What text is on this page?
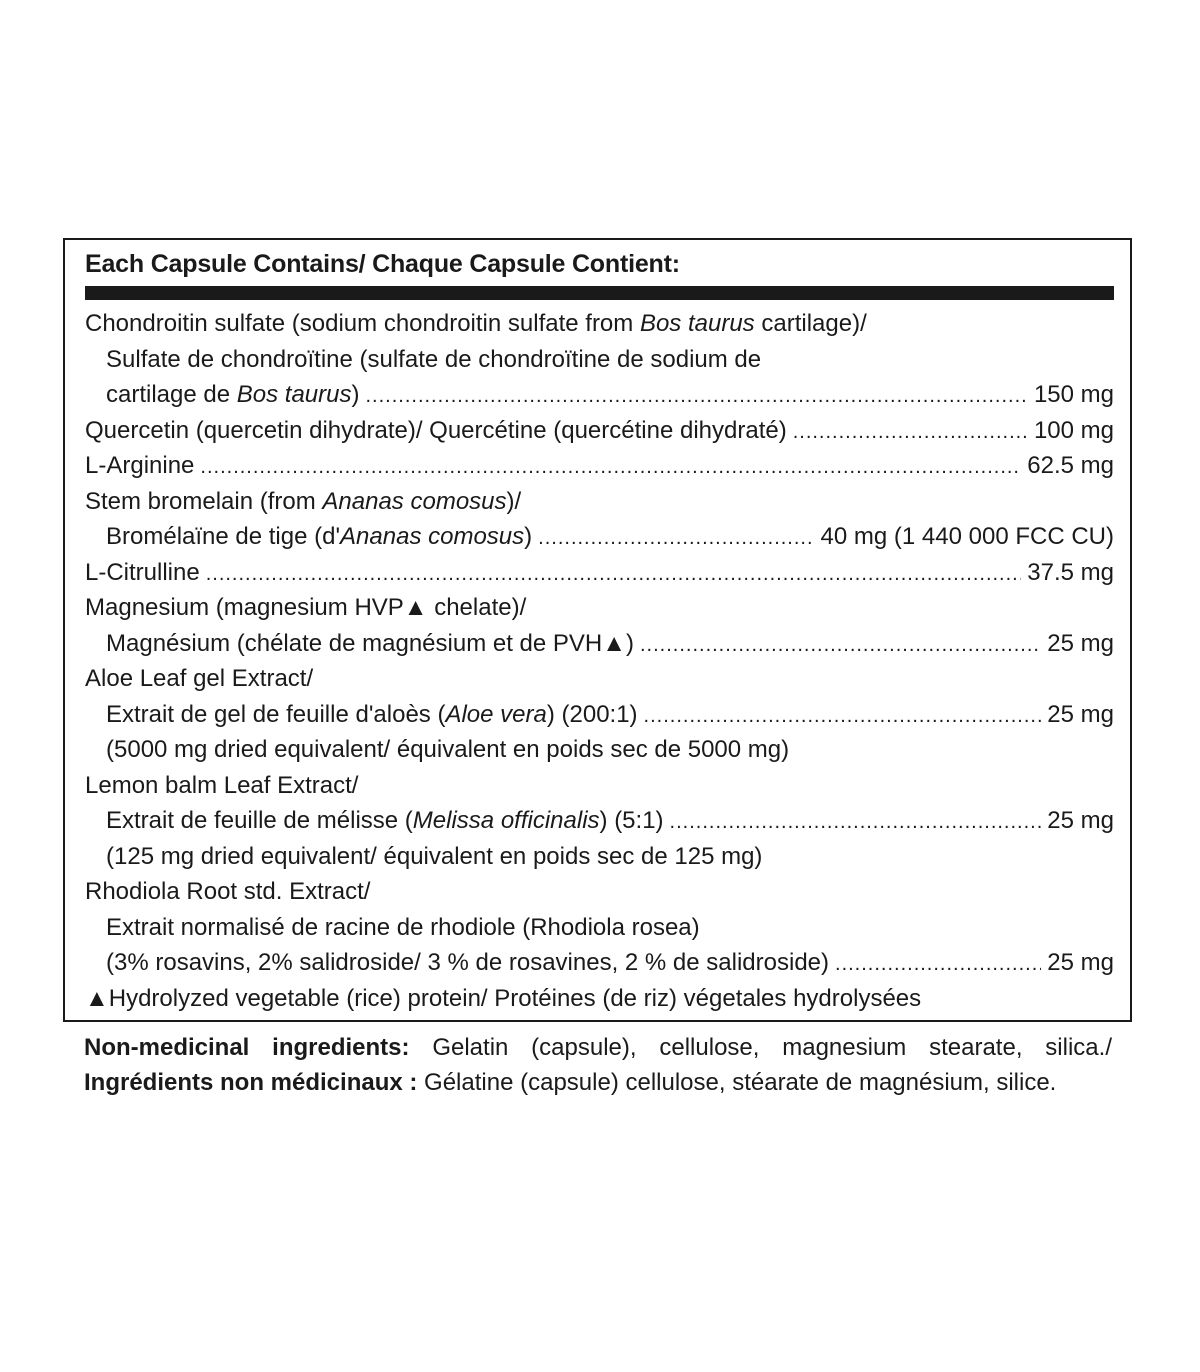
Each Capsule Contains/ Chaque Capsule Contient:
Chondroitin sulfate (sodium chondroitin sulfate from Bos taurus cartilage)/
Sulfate de chondroïtine (sulfate de chondroïtine de sodium de
cartilage de Bos taurus) .....	150 mg
Quercetin (quercetin dihydrate)/ Quercétine (quercétine dihydraté) .....	100 mg
L-Arginine .....	62.5 mg
Stem bromelain (from Ananas comosus)/
Bromélaïne de tige (d'Ananas comosus) .....	40 mg (1 440 000 FCC CU)
L-Citrulline .....	37.5 mg
Magnesium (magnesium HVP▲ chelate)/
Magnésium (chélate de magnésium et de PVH▲) .....	25 mg
Aloe Leaf gel Extract/
Extrait de gel de feuille d'aloès (Aloe vera) (200:1) .....	25 mg
(5000 mg dried equivalent/ équivalent en poids sec de 5000 mg)
Lemon balm Leaf Extract/
Extrait de feuille de mélisse (Melissa officinalis) (5:1) .....	25 mg
(125 mg dried equivalent/ équivalent en poids sec de 125 mg)
Rhodiola Root std. Extract/
Extrait normalisé de racine de rhodiole (Rhodiola rosea)
(3% rosavins, 2% salidroside/ 3 % de rosavines, 2 % de salidroside) .....	25 mg
▲Hydrolyzed vegetable (rice) protein/ Protéines (de riz) végetales hydrolysées
Non-medicinal ingredients: Gelatin (capsule), cellulose, magnesium stearate, silica./ Ingrédients non médicinaux : Gélatine (capsule) cellulose, stéarate de magnésium, silice.
